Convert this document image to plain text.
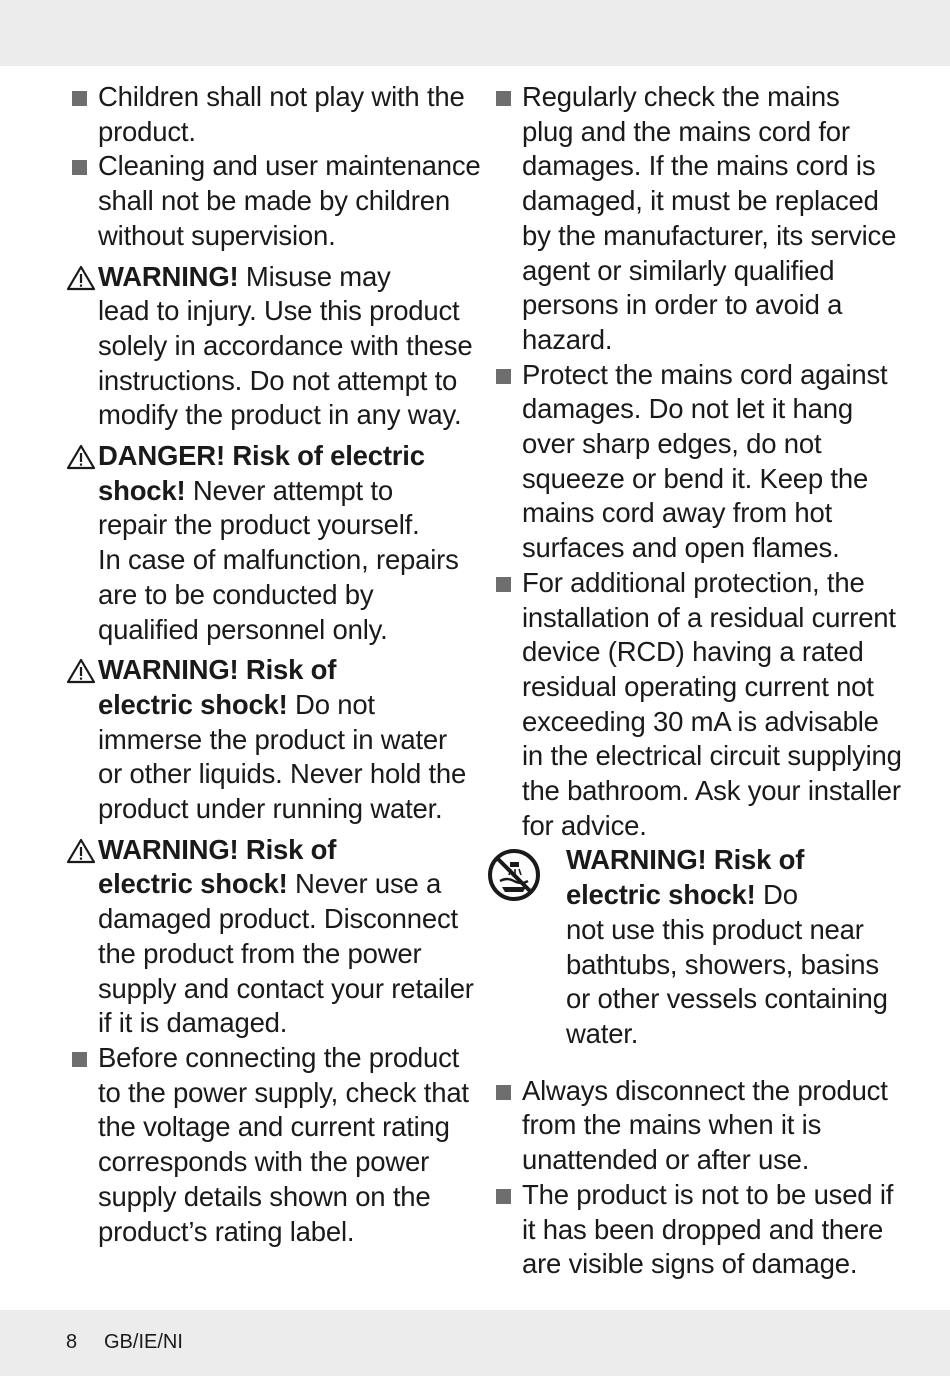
Children shall not play with the
product.
Cleaning and user maintenance
shall not be made by children
without supervision.
WARNING! Misuse may
lead to injury. Use this product
solely in accordance with these
instructions. Do not attempt to
modify the product in any way.
DANGER! Risk of electric
shock! Never attempt to
repair the product yourself.
In case of malfunction, repairs
are to be conducted by
qualified personnel only.
WARNING! Risk of
electric shock! Do not
immerse the product in water
or other liquids. Never hold the
product under running water.
WARNING! Risk of
electric shock! Never use a
damaged product. Disconnect
the product from the power
supply and contact your retailer
if it is damaged.
Before connecting the product
to the power supply, check that
the voltage and current rating
corresponds with the power
supply details shown on the
product’s rating label.
Regularly check the mains
plug and the mains cord for
damages. If the mains cord is
damaged, it must be replaced
by the manufacturer, its service
agent or similarly qualified
persons in order to avoid a
hazard.
Protect the mains cord against
damages. Do not let it hang
over sharp edges, do not
squeeze or bend it. Keep the
mains cord away from hot
surfaces and open flames.
For additional protection, the
installation of a residual current
device (RCD) having a rated
residual operating current not
exceeding 30 mA is advisable
in the electrical circuit supplying
the bathroom. Ask your installer
for advice.
WARNING! Risk of
electric shock! Do
not use this product near
bathtubs, showers, basins
or other vessels containing
water.
Always disconnect the product
from the mains when it is
unattended or after use.
The product is not to be used if
it has been dropped and there
are visible signs of damage.
8 GB/IE/NI
